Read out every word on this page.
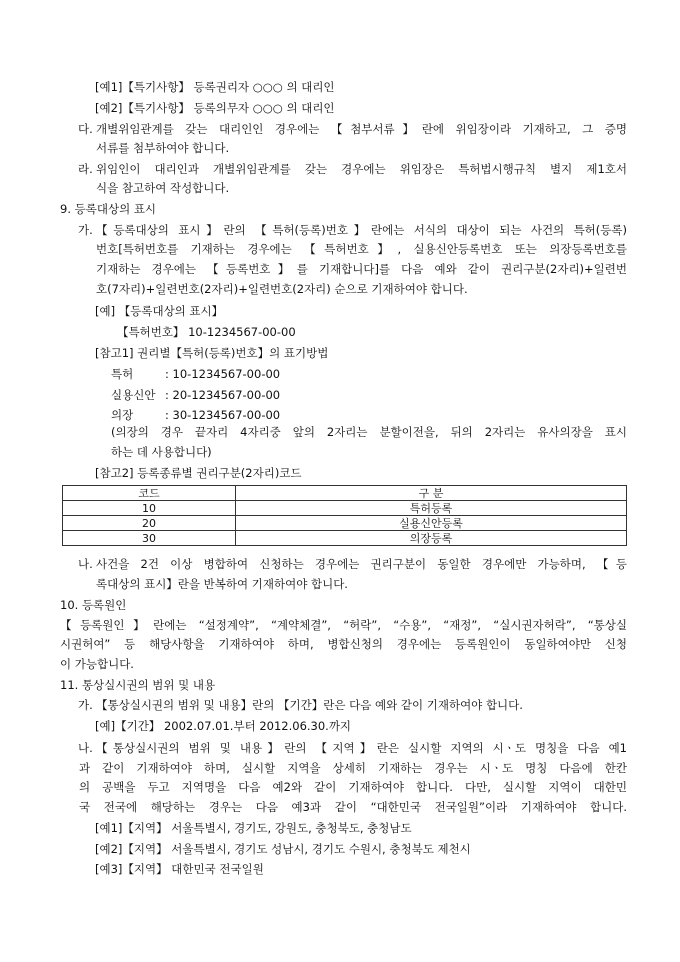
[예1]【특기사항】 등록권리자 ○○○ 의 대리인
[예2]【특기사항】 등록의무자 ○○○ 의 대리인
다. 개별위임관계를 갖는 대리인인 경우에는 【첨부서류】란에 위임장이라 기재하고, 그 증명
서류를 첨부하여야 합니다.
라. 위임인이 대리인과 개별위임관계를 갖는 경우에는 위임장은 특허법시행규칙 별지 제1호서
식을 참고하여 작성합니다.
9. 등록대상의 표시
가. 【등록대상의 표시】란의 【특허(등록)번호】란에는 서식의 대상이 되는 사건의 특허(등록)
번호[특허번호를 기재하는 경우에는 【특허번호】, 실용신안등록번호 또는 의장등록번호를
기재하는 경우에는 【등록번호】를 기재합니다]를 다음 예와 같이 권리구분(2자리)+일련번
호(7자리)+일련번호(2자리)+일련번호(2자리) 순으로 기재하여야 합니다.
[예] 【등록대상의 표시】
【특허번호】 10-1234567-00-00
[참고1] 권리별【특허(등록)번호】의 표기방법
특허	: 10-1234567-00-00
실용신안 : 20-1234567-00-00
의장	: 30-1234567-00-00
(의장의 경우 끝자리 4자리중 앞의 2자리는 분할이전을, 뒤의 2자리는 유사의장을 표시
하는 데 사용합니다)
[참고2] 등록종류별 권리구분(2자리)코드
코드	구 분
10	특허등록
20	실용신안등록
30	의장등록
나. 사건을 2건 이상 병합하여 신청하는 경우에는 권리구분이 동일한 경우에만 가능하며, 【등
록대상의 표시】란을 반복하여 기재하여야 합니다.
10. 등록원인
【등록원인】란에는 “설정계약”, “계약체결”, “허락”, “수용”, “재정”, “실시권자허락”, “통상실
시권허여” 등 해당사항을 기재하여야 하며, 병합신청의 경우에는 등록원인이 동일하여야만 신청
이 가능합니다.
11. 통상실시권의 범위 및 내용
가. 【통상실시권의 범위 및 내용】란의 【기간】란은 다음 예와 같이 기재하여야 합니다.
[예]【기간】 2002.07.01.부터 2012.06.30.까지
나. 【통상실시권의 범위 및 내용】란의 【지역】란은 실시할 지역의 시ㆍ도 명칭을 다음 예1
과 같이 기재하여야 하며, 실시할 지역을 상세히 기재하는 경우는 시ㆍ도 명칭 다음에 한칸
의 공백을 두고 지역명을 다음 예2와 같이 기재하여야 합니다. 다만, 실시할 지역이 대한민
국 전국에 해당하는 경우는 다음 예3과 같이 “대한민국 전국일원”이라 기재하여야 합니다.
[예1]【지역】 서울특별시, 경기도, 강원도, 충청북도, 충청남도
[예2]【지역】 서울특별시, 경기도 성남시, 경기도 수원시, 충청북도 제천시
[예3]【지역】 대한민국 전국일원
